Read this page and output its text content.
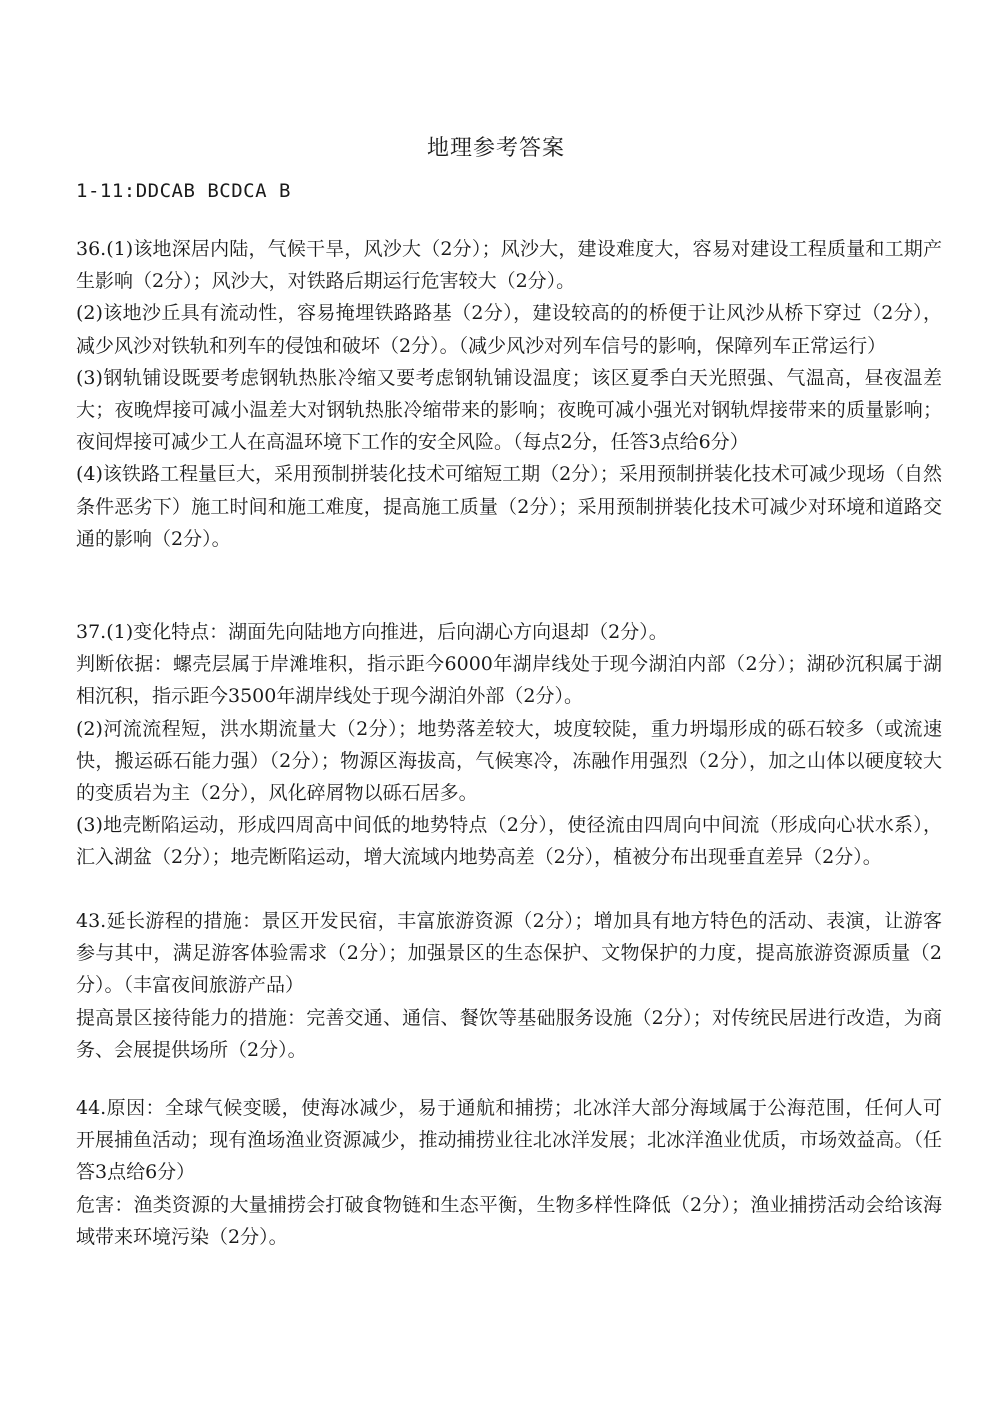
地理参考答案
1-11:DDCAB BCDCA B

36.(1)该地深居内陆，气候干旱，风沙大（2分）；风沙大，建设难度大，容易对建设工程质量和工期产生影响（2分）；风沙大，对铁路后期运行危害较大（2分）。

(2)该地沙丘具有流动性，容易掩埋铁路路基（2分），建设较高的的桥便于让风沙从桥下穿过（2分），减少风沙对铁轨和列车的侵蚀和破坏（2分）。（减少风沙对列车信号的影响，保障列车正常运行）

(3)钢轨铺设既要考虑钢轨热胀冷缩又要考虑钢轨铺设温度；该区夏季白天光照强、气温高，昼夜温差大；夜晚焊接可减小温差大对钢轨热胀冷缩带来的影响；夜晚可减小强光对钢轨焊接带来的质量影响；夜间焊接可减少工人在高温环境下工作的安全风险。（每点2分，任答3点给6分）

(4)该铁路工程量巨大，采用预制拼装化技术可缩短工期（2分）；采用预制拼装化技术可减少现场（自然条件恶劣下）施工时间和施工难度，提高施工质量（2分）；采用预制拼装化技术可减少对环境和道路交通的影响（2分）。

37.(1)变化特点：湖面先向陆地方向推进，后向湖心方向退却（2分）。

判断依据：螺壳层属于岸滩堆积，指示距今6000年湖岸线处于现今湖泊内部（2分）；湖砂沉积属于湖相沉积，指示距今3500年湖岸线处于现今湖泊外部（2分）。

(2)河流流程短，洪水期流量大（2分）；地势落差较大，坡度较陡，重力坍塌形成的砾石较多（或流速快，搬运砾石能力强）（2分）；物源区海拔高，气候寒冷，冻融作用强烈（2分），加之山体以硬度较大的变质岩为主（2分），风化碎屑物以砾石居多。

(3)地壳断陷运动，形成四周高中间低的地势特点（2分），使径流由四周向中间流（形成向心状水系），汇入湖盆（2分）；地壳断陷运动，增大流域内地势高差（2分），植被分布出现垂直差异（2分）。

43.延长游程的措施：景区开发民宿，丰富旅游资源（2分）；增加具有地方特色的活动、表演，让游客参与其中，满足游客体验需求（2分）；加强景区的生态保护、文物保护的力度，提高旅游资源质量（2分）。（丰富夜间旅游产品）

提高景区接待能力的措施：完善交通、通信、餐饮等基础服务设施（2分）；对传统民居进行改造，为商务、会展提供场所（2分）。

44.原因：全球气候变暖，使海冰减少，易于通航和捕捞；北冰洋大部分海域属于公海范围，任何人可开展捕鱼活动；现有渔场渔业资源减少，推动捕捞业往北冰洋发展；北冰洋渔业优质，市场效益高。（任答3点给6分）

危害：渔类资源的大量捕捞会打破食物链和生态平衡，生物多样性降低（2分）；渔业捕捞活动会给该海域带来环境污染（2分）。
